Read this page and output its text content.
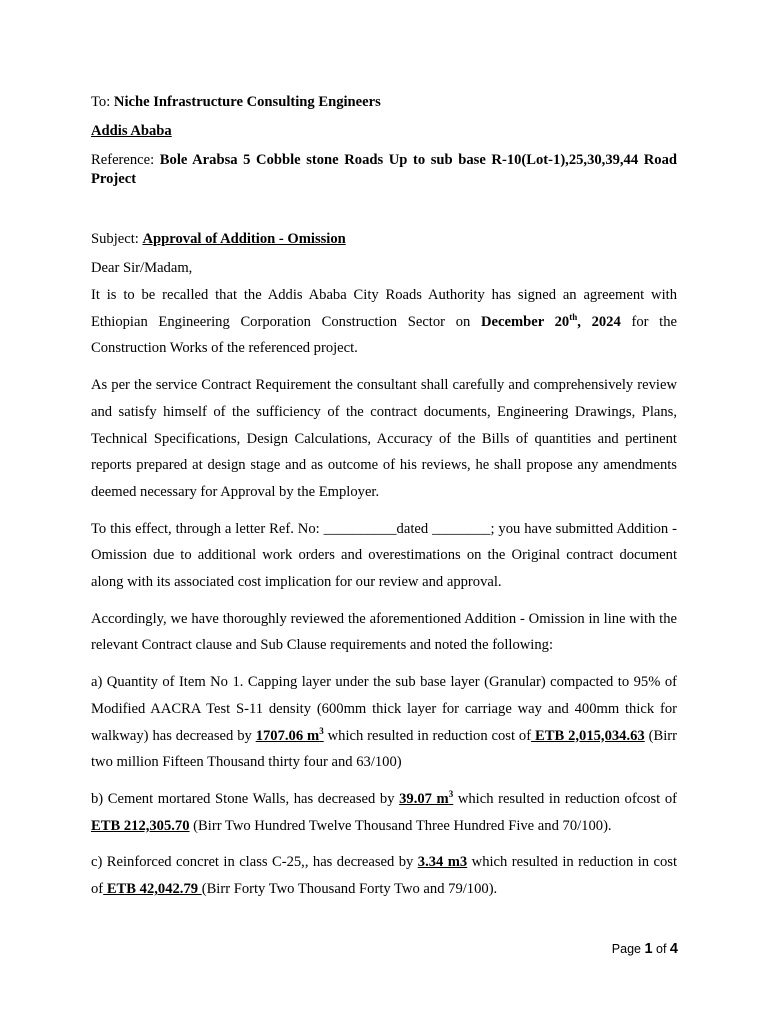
To: Niche Infrastructure Consulting Engineers

Addis Ababa

Reference: Bole Arabsa 5 Cobble stone Roads Up to sub base R-10(Lot-1),25,30,39,44 Road Project

Subject: Approval of Addition - Omission

Dear Sir/Madam,

It is to be recalled that the Addis Ababa City Roads Authority has signed an agreement with Ethiopian Engineering Corporation Construction Sector on December 20th, 2024 for the Construction Works of the referenced project.

As per the service Contract Requirement the consultant shall carefully and comprehensively review and satisfy himself of the sufficiency of the contract documents, Engineering Drawings, Plans, Technical Specifications, Design Calculations, Accuracy of the Bills of quantities and pertinent reports prepared at design stage and as outcome of his reviews, he shall propose any amendments deemed necessary for Approval by the Employer.

To this effect, through a letter Ref. No: __________dated ________; you have submitted Addition - Omission due to additional work orders and overestimations on the Original contract document along with its associated cost implication for our review and approval.

Accordingly, we have thoroughly reviewed the aforementioned Addition - Omission in line with the relevant Contract clause and Sub Clause requirements and noted the following:

a) Quantity of Item No 1. Capping layer under the sub base layer (Granular) compacted to 95% of Modified AACRA Test S-11 density (600mm thick layer for carriage way and 400mm thick for walkway) has decreased by 1707.06 $m^3$ which resulted in reduction cost of ETB 2,015,034.63 (Birr two million Fifteen Thousand thirty four and 63/100)

b) Cement mortared Stone Walls, has decreased by 39.07 $m^3$ which resulted in reduction ofcost of ETB 212,305.70 (Birr Two Hundred Twelve Thousand Three Hundred Five and 70/100).

c) Reinforced concret in class C-25,, has decreased by 3.34 m3 which resulted in reduction in cost of ETB 42,042.79 (Birr Forty Two Thousand Forty Two and 79/100).

Page 1 of 4
